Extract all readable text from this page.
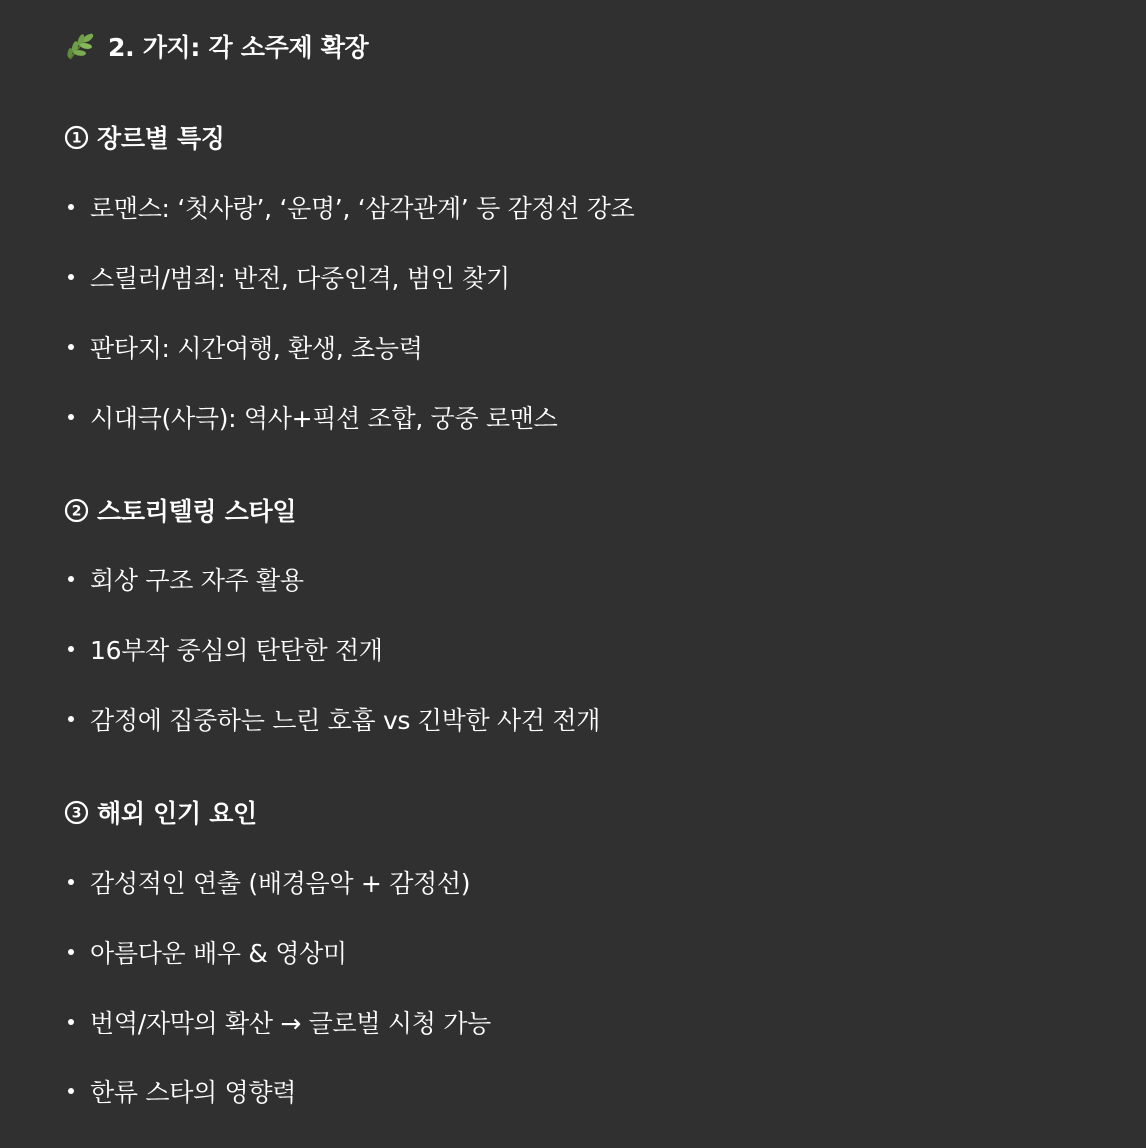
2. 가지: 각 소주제 확장
1 장르별 특징
로맨스: ‘첫사랑’, ‘운명’, ‘삼각관계’ 등 감정선 강조
스릴러/범죄: 반전, 다중인격, 범인 찾기
판타지: 시간여행, 환생, 초능력
시대극(사극): 역사+픽션 조합, 궁중 로맨스
2 스토리텔링 스타일
회상 구조 자주 활용
16부작 중심의 탄탄한 전개
감정에 집중하는 느린 호흡 vs 긴박한 사건 전개
3 해외 인기 요인
감성적인 연출 (배경음악 + 감정선)
아름다운 배우 & 영상미
번역/자막의 확산 → 글로벌 시청 가능
한류 스타의 영향력
